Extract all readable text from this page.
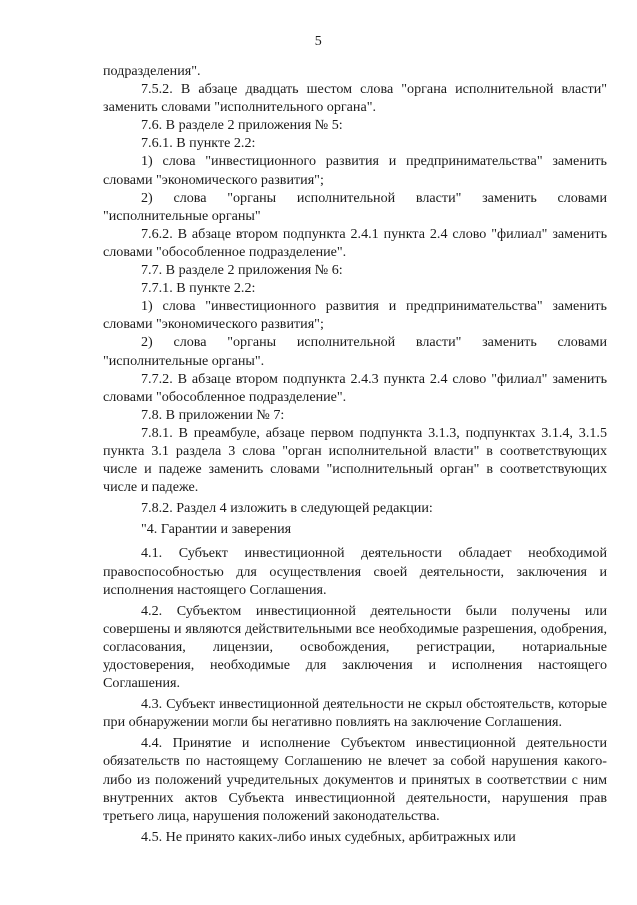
5

подразделения".

7.5.2. В абзаце двадцать шестом слова "органа исполнительной власти" заменить словами "исполнительного органа".

7.6. В разделе 2 приложения № 5:

7.6.1. В пункте 2.2:

1) слова "инвестиционного развития и предпринимательства" заменить словами "экономического развития";

2) слова "органы исполнительной власти" заменить словами "исполнительные органы"

7.6.2. В абзаце втором подпункта 2.4.1 пункта 2.4 слово "филиал" заменить словами "обособленное подразделение".

7.7. В разделе 2 приложения № 6:

7.7.1. В пункте 2.2:

1) слова "инвестиционного развития и предпринимательства" заменить словами "экономического развития";

2) слова "органы исполнительной власти" заменить словами "исполнительные органы".

7.7.2. В абзаце втором подпункта 2.4.3 пункта 2.4 слово "филиал" заменить словами "обособленное подразделение".

7.8. В приложении № 7:

7.8.1. В преамбуле, абзаце первом подпункта 3.1.3, подпунктах 3.1.4, 3.1.5 пункта 3.1 раздела 3 слова "орган исполнительной власти" в соответствующих числе и падеже заменить словами "исполнительный орган" в соответствующих числе и падеже.

7.8.2. Раздел 4 изложить в следующей редакции:

"4. Гарантии и заверения

4.1. Субъект инвестиционной деятельности обладает необходимой правоспособностью для осуществления своей деятельности, заключения и исполнения настоящего Соглашения.

4.2. Субъектом инвестиционной деятельности были получены или совершены и являются действительными все необходимые разрешения, одобрения, согласования, лицензии, освобождения, регистрации, нотариальные удостоверения, необходимые для заключения и исполнения настоящего Соглашения.

4.3. Субъект инвестиционной деятельности не скрыл обстоятельств, которые при обнаружении могли бы негативно повлиять на заключение Соглашения.

4.4. Принятие и исполнение Субъектом инвестиционной деятельности обязательств по настоящему Соглашению не влечет за собой нарушения какого-либо из положений учредительных документов и принятых в соответствии с ним внутренних актов Субъекта инвестиционной деятельности, нарушения прав третьего лица, нарушения положений законодательства.

4.5. Не принято каких-либо иных судебных, арбитражных или
